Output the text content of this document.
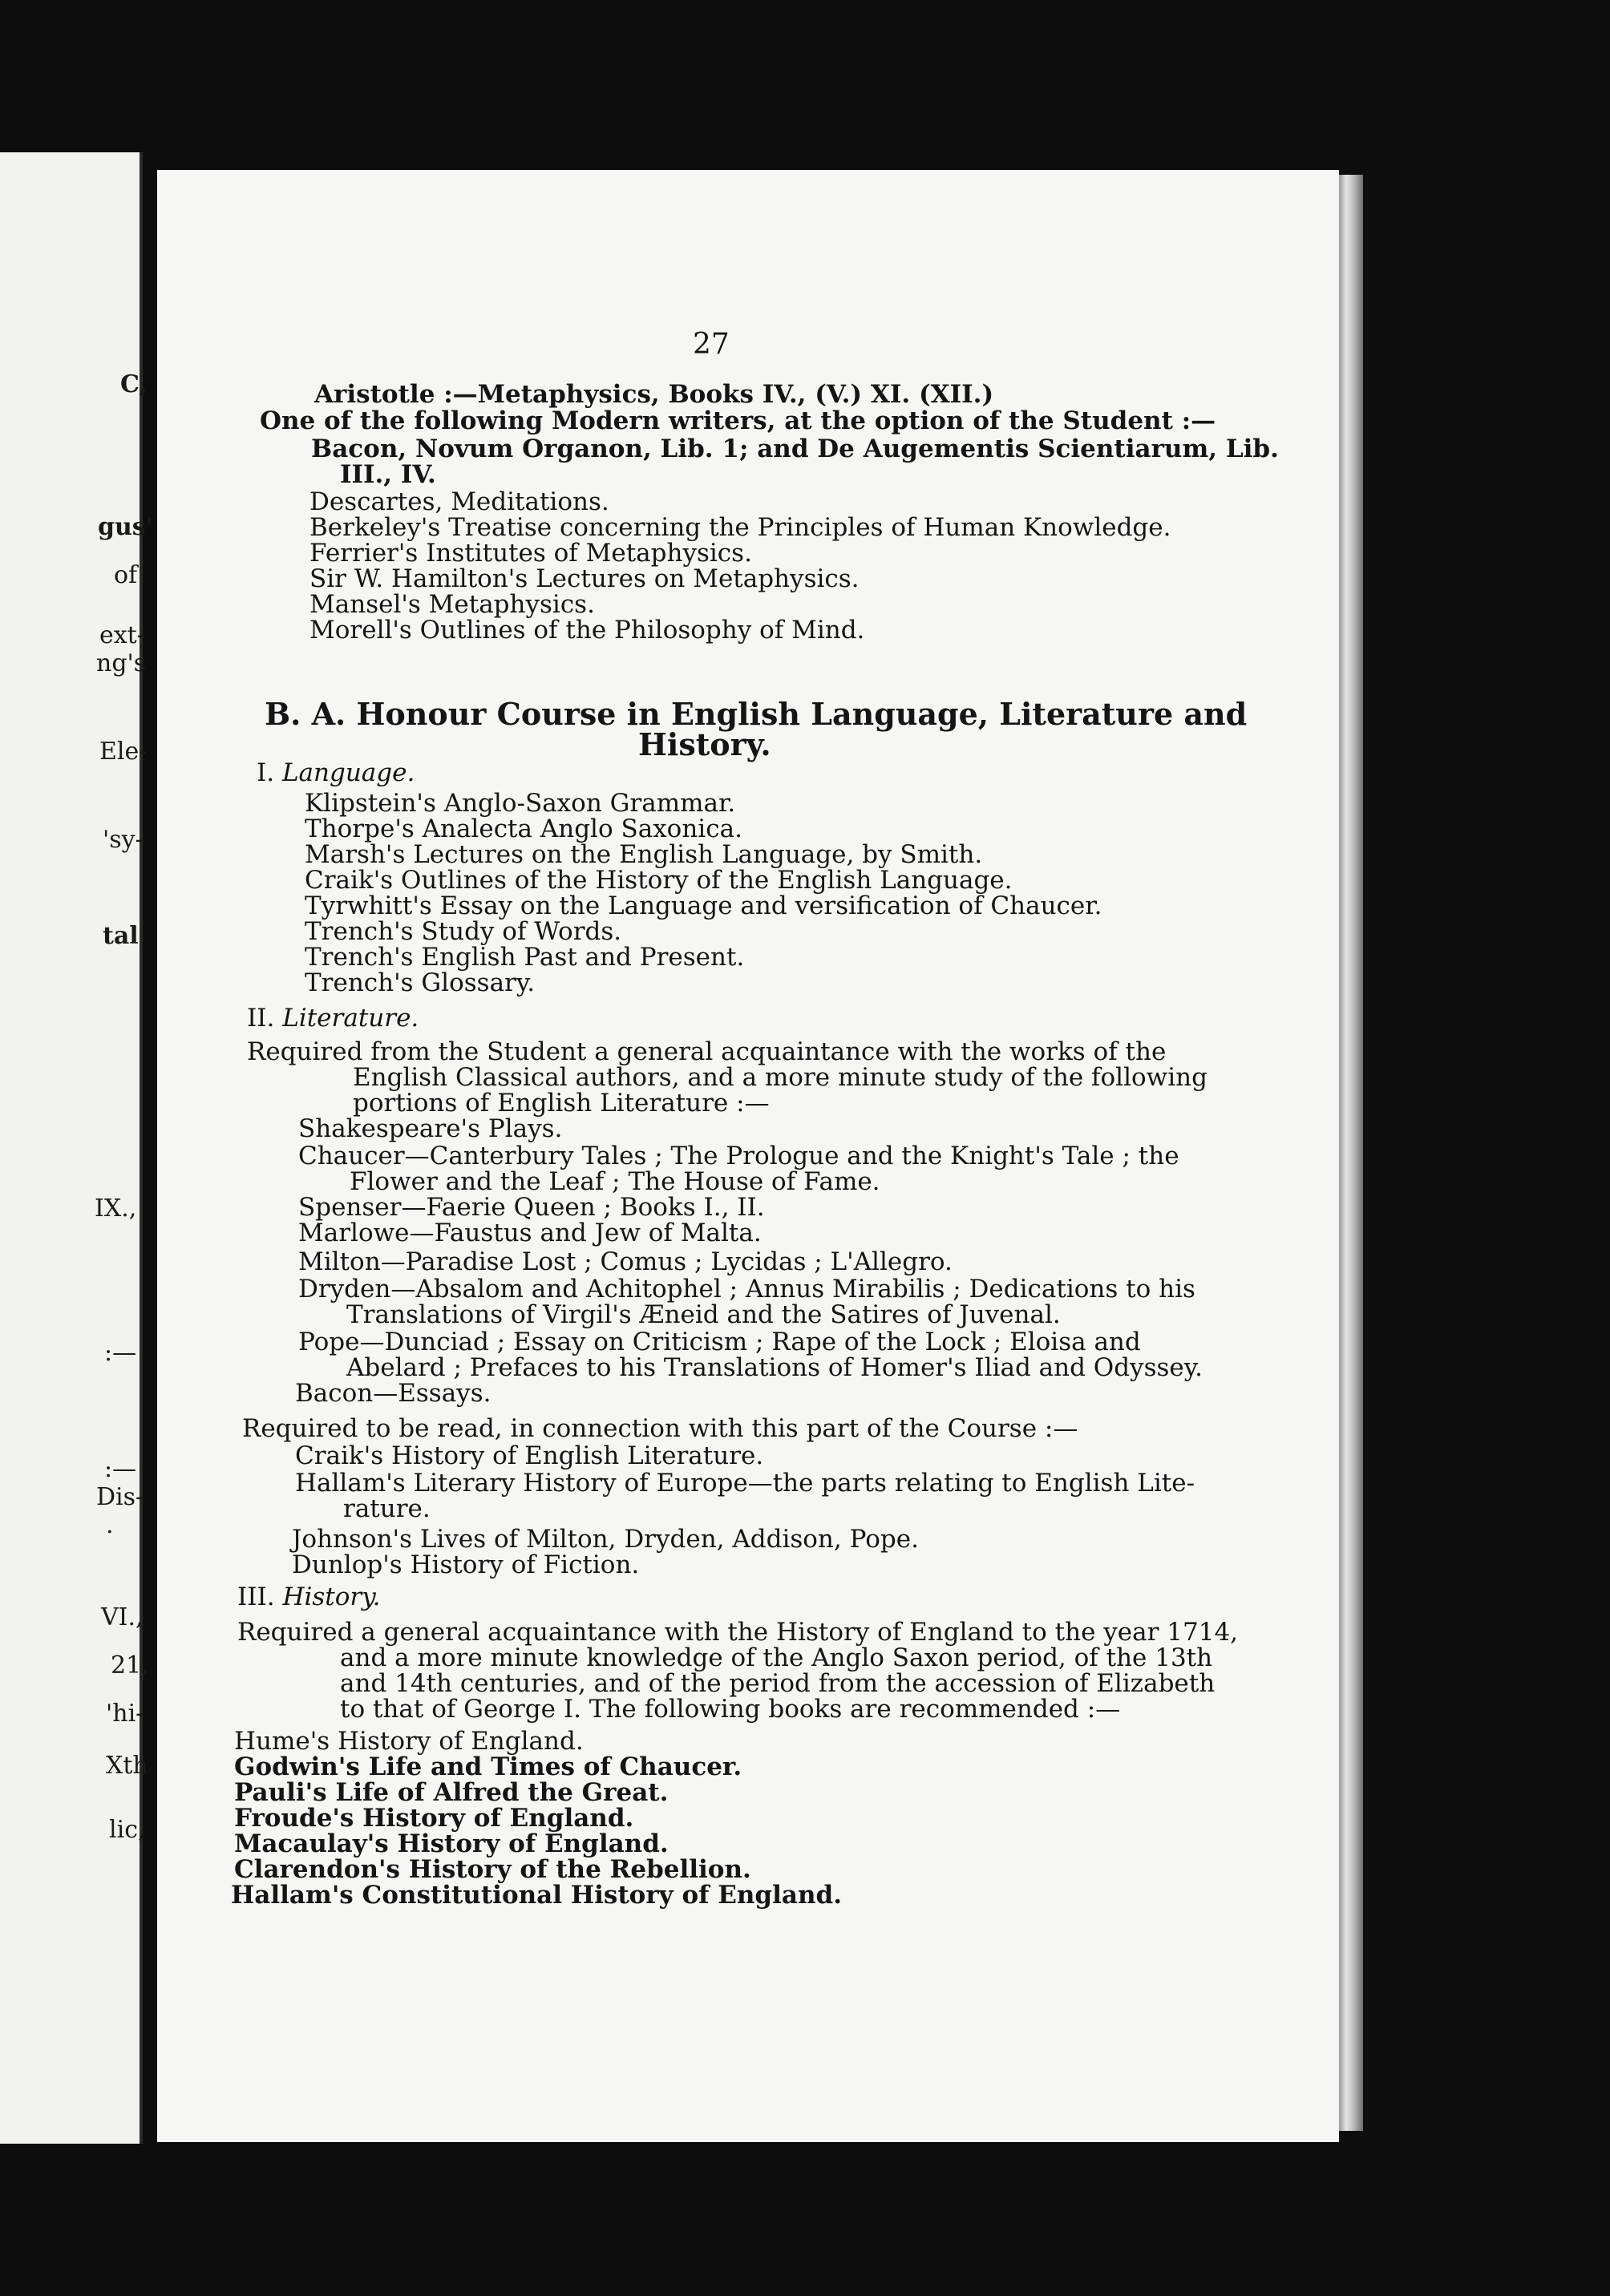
C,
gus'
of
ext-
ng's
Ele-
'sy-
tal
IX.,
:—
:—
Dis-
.
VI.,
21,
'hi-
Xth
lic,
27
Aristotle :—Metaphysics, Books IV., (V.) XI. (XII.)
One of the following Modern writers, at the option of the Student :—
Bacon, Novum Organon, Lib. 1; and De Augementis Scientiarum, Lib.
III., IV.
Descartes, Meditations.
Berkeley's Treatise concerning the Principles of Human Knowledge.
Ferrier's Institutes of Metaphysics.
Sir W. Hamilton's Lectures on Metaphysics.
Mansel's Metaphysics.
Morell's Outlines of the Philosophy of Mind.
B. A. Honour Course in English Language, Literature and
History.
I. Language.
Klipstein's Anglo-Saxon Grammar.
Thorpe's Analecta Anglo Saxonica.
Marsh's Lectures on the English Language, by Smith.
Craik's Outlines of the History of the English Language.
Tyrwhitt's Essay on the Language and versification of Chaucer.
Trench's Study of Words.
Trench's English Past and Present.
Trench's Glossary.
II. Literature.
Required from the Student a general acquaintance with the works of the
English Classical authors, and a more minute study of the following
portions of English Literature :—
Shakespeare's Plays.
Chaucer—Canterbury Tales ; The Prologue and the Knight's Tale ; the
Flower and the Leaf ; The House of Fame.
Spenser—Faerie Queen ; Books I., II.
Marlowe—Faustus and Jew of Malta.
Milton—Paradise Lost ; Comus ; Lycidas ; L'Allegro.
Dryden—Absalom and Achitophel ; Annus Mirabilis ; Dedications to his
Translations of Virgil's Æneid and the Satires of Juvenal.
Pope—Dunciad ; Essay on Criticism ; Rape of the Lock ; Eloisa and
Abelard ; Prefaces to his Translations of Homer's Iliad and Odyssey.
Bacon—Essays.
Required to be read, in connection with this part of the Course :—
Craik's History of English Literature.
Hallam's Literary History of Europe—the parts relating to English Lite-
rature.
Johnson's Lives of Milton, Dryden, Addison, Pope.
Dunlop's History of Fiction.
III. History.
Required a general acquaintance with the History of England to the year 1714,
and a more minute knowledge of the Anglo Saxon period, of the 13th
and 14th centuries, and of the period from the accession of Elizabeth
to that of George I. The following books are recommended :—
Hume's History of England.
Godwin's Life and Times of Chaucer.
Pauli's Life of Alfred the Great.
Froude's History of England.
Macaulay's History of England.
Clarendon's History of the Rebellion.
Hallam's Constitutional History of England.
